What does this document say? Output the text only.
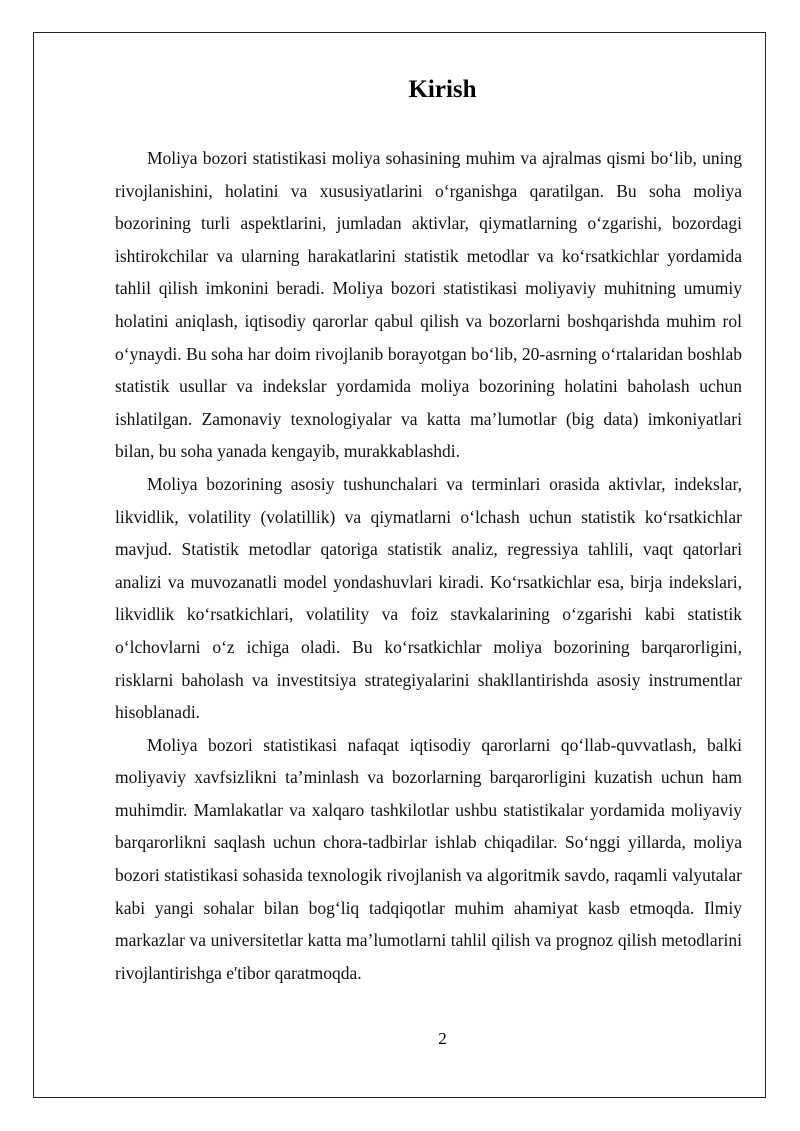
Kirish

Moliya bozori statistikasi moliya sohasining muhim va ajralmas qismi bo‘lib, uning rivojlanishini, holatini va xususiyatlarini o‘rganishga qaratilgan. Bu soha moliya bozorining turli aspektlarini, jumladan aktivlar, qiymatlarning o‘zgarishi, bozordagi ishtirokchilar va ularning harakatlarini statistik metodlar va ko‘rsatkichlar yordamida tahlil qilish imkonini beradi. Moliya bozori statistikasi moliyaviy muhitning umumiy holatini aniqlash, iqtisodiy qarorlar qabul qilish va bozorlarni boshqarishda muhim rol o‘ynaydi. Bu soha har doim rivojlanib borayotgan bo‘lib, 20-asrning o‘rtalaridan boshlab statistik usullar va indekslar yordamida moliya bozorining holatini baholash uchun ishlatilgan. Zamonaviy texnologiyalar va katta ma’lumotlar (big data) imkoniyatlari bilan, bu soha yanada kengayib, murakkablashdi.

Moliya bozorining asosiy tushunchalari va terminlari orasida aktivlar, indekslar, likvidlik, volatility (volatillik) va qiymatlarni o‘lchash uchun statistik ko‘rsatkichlar mavjud. Statistik metodlar qatoriga statistik analiz, regressiya tahlili, vaqt qatorlari analizi va muvozanatli model yondashuvlari kiradi. Ko‘rsatkichlar esa, birja indekslari, likvidlik ko‘rsatkichlari, volatility va foiz stavkalarining o‘zgarishi kabi statistik o‘lchovlarni o‘z ichiga oladi. Bu ko‘rsatkichlar moliya bozorining barqarorligini, risklarni baholash va investitsiya strategiyalarini shakllantirishda asosiy instrumentlar hisoblanadi.

Moliya bozori statistikasi nafaqat iqtisodiy qarorlarni qo‘llab-quvvatlash, balki moliyaviy xavfsizlikni ta’minlash va bozorlarning barqarorligini kuzatish uchun ham muhimdir. Mamlakatlar va xalqaro tashkilotlar ushbu statistikalar yordamida moliyaviy barqarorlikni saqlash uchun chora-tadbirlar ishlab chiqadilar. So‘nggi yillarda, moliya bozori statistikasi sohasida texnologik rivojlanish va algoritmik savdo, raqamli valyutalar kabi yangi sohalar bilan bog‘liq tadqiqotlar muhim ahamiyat kasb etmoqda. Ilmiy markazlar va universitetlar katta ma’lumotlarni tahlil qilish va prognoz qilish metodlarini rivojlantirishga e'tibor qaratmoqda.

2
